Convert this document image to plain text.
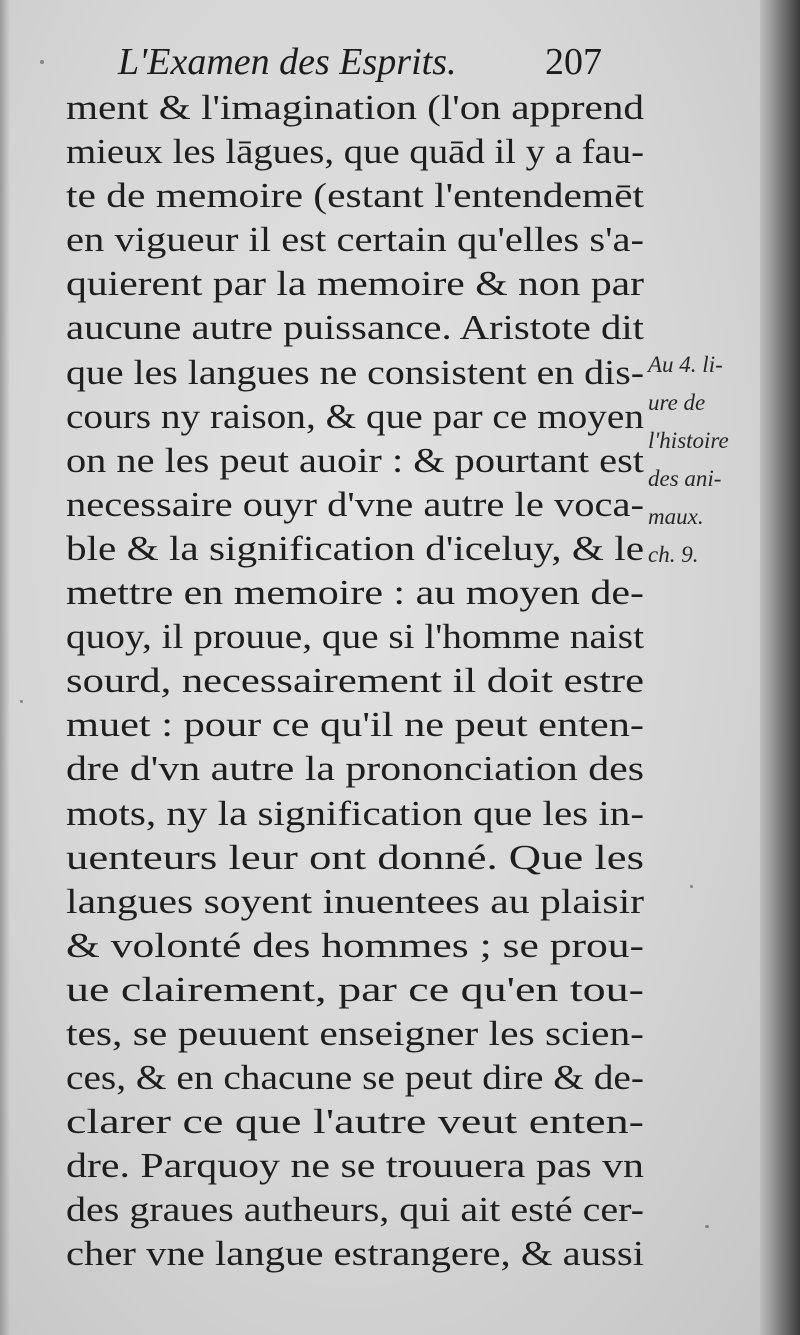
L'Examen des Esprits.	207
ment & l'imagination (l'on apprend
mieux les lāgues, que quād il y a fau-
te de memoire (estant l'entendemēt
en vigueur il est certain qu'elles s'a-
quierent par la memoire & non par
aucune autre puissance. Aristote dit
que les langues ne consistent en dis-
cours ny raison, & que par ce moyen
on ne les peut auoir : & pourtant est
necessaire ouyr d'vne autre le voca-
ble & la signification d'iceluy, & le
mettre en memoire : au moyen de-
quoy, il prouue, que si l'homme naist
sourd, necessairement il doit estre
muet : pour ce qu'il ne peut enten-
dre d'vn autre la prononciation des
mots, ny la signification que les in-
uenteurs leur ont donné. Que les
langues soyent inuentees au plaisir
& volonté des hommes ; se prou-
ue clairement, par ce qu'en tou-
tes, se peuuent enseigner les scien-
ces, & en chacune se peut dire & de-
clarer ce que l'autre veut enten-
dre. Parquoy ne se trouuera pas vn
des graues autheurs, qui ait esté cer-
cher vne langue estrangere, & aussi
Au 4. li-
ure de
l'histoire
des ani-
maux.
ch. 9.
